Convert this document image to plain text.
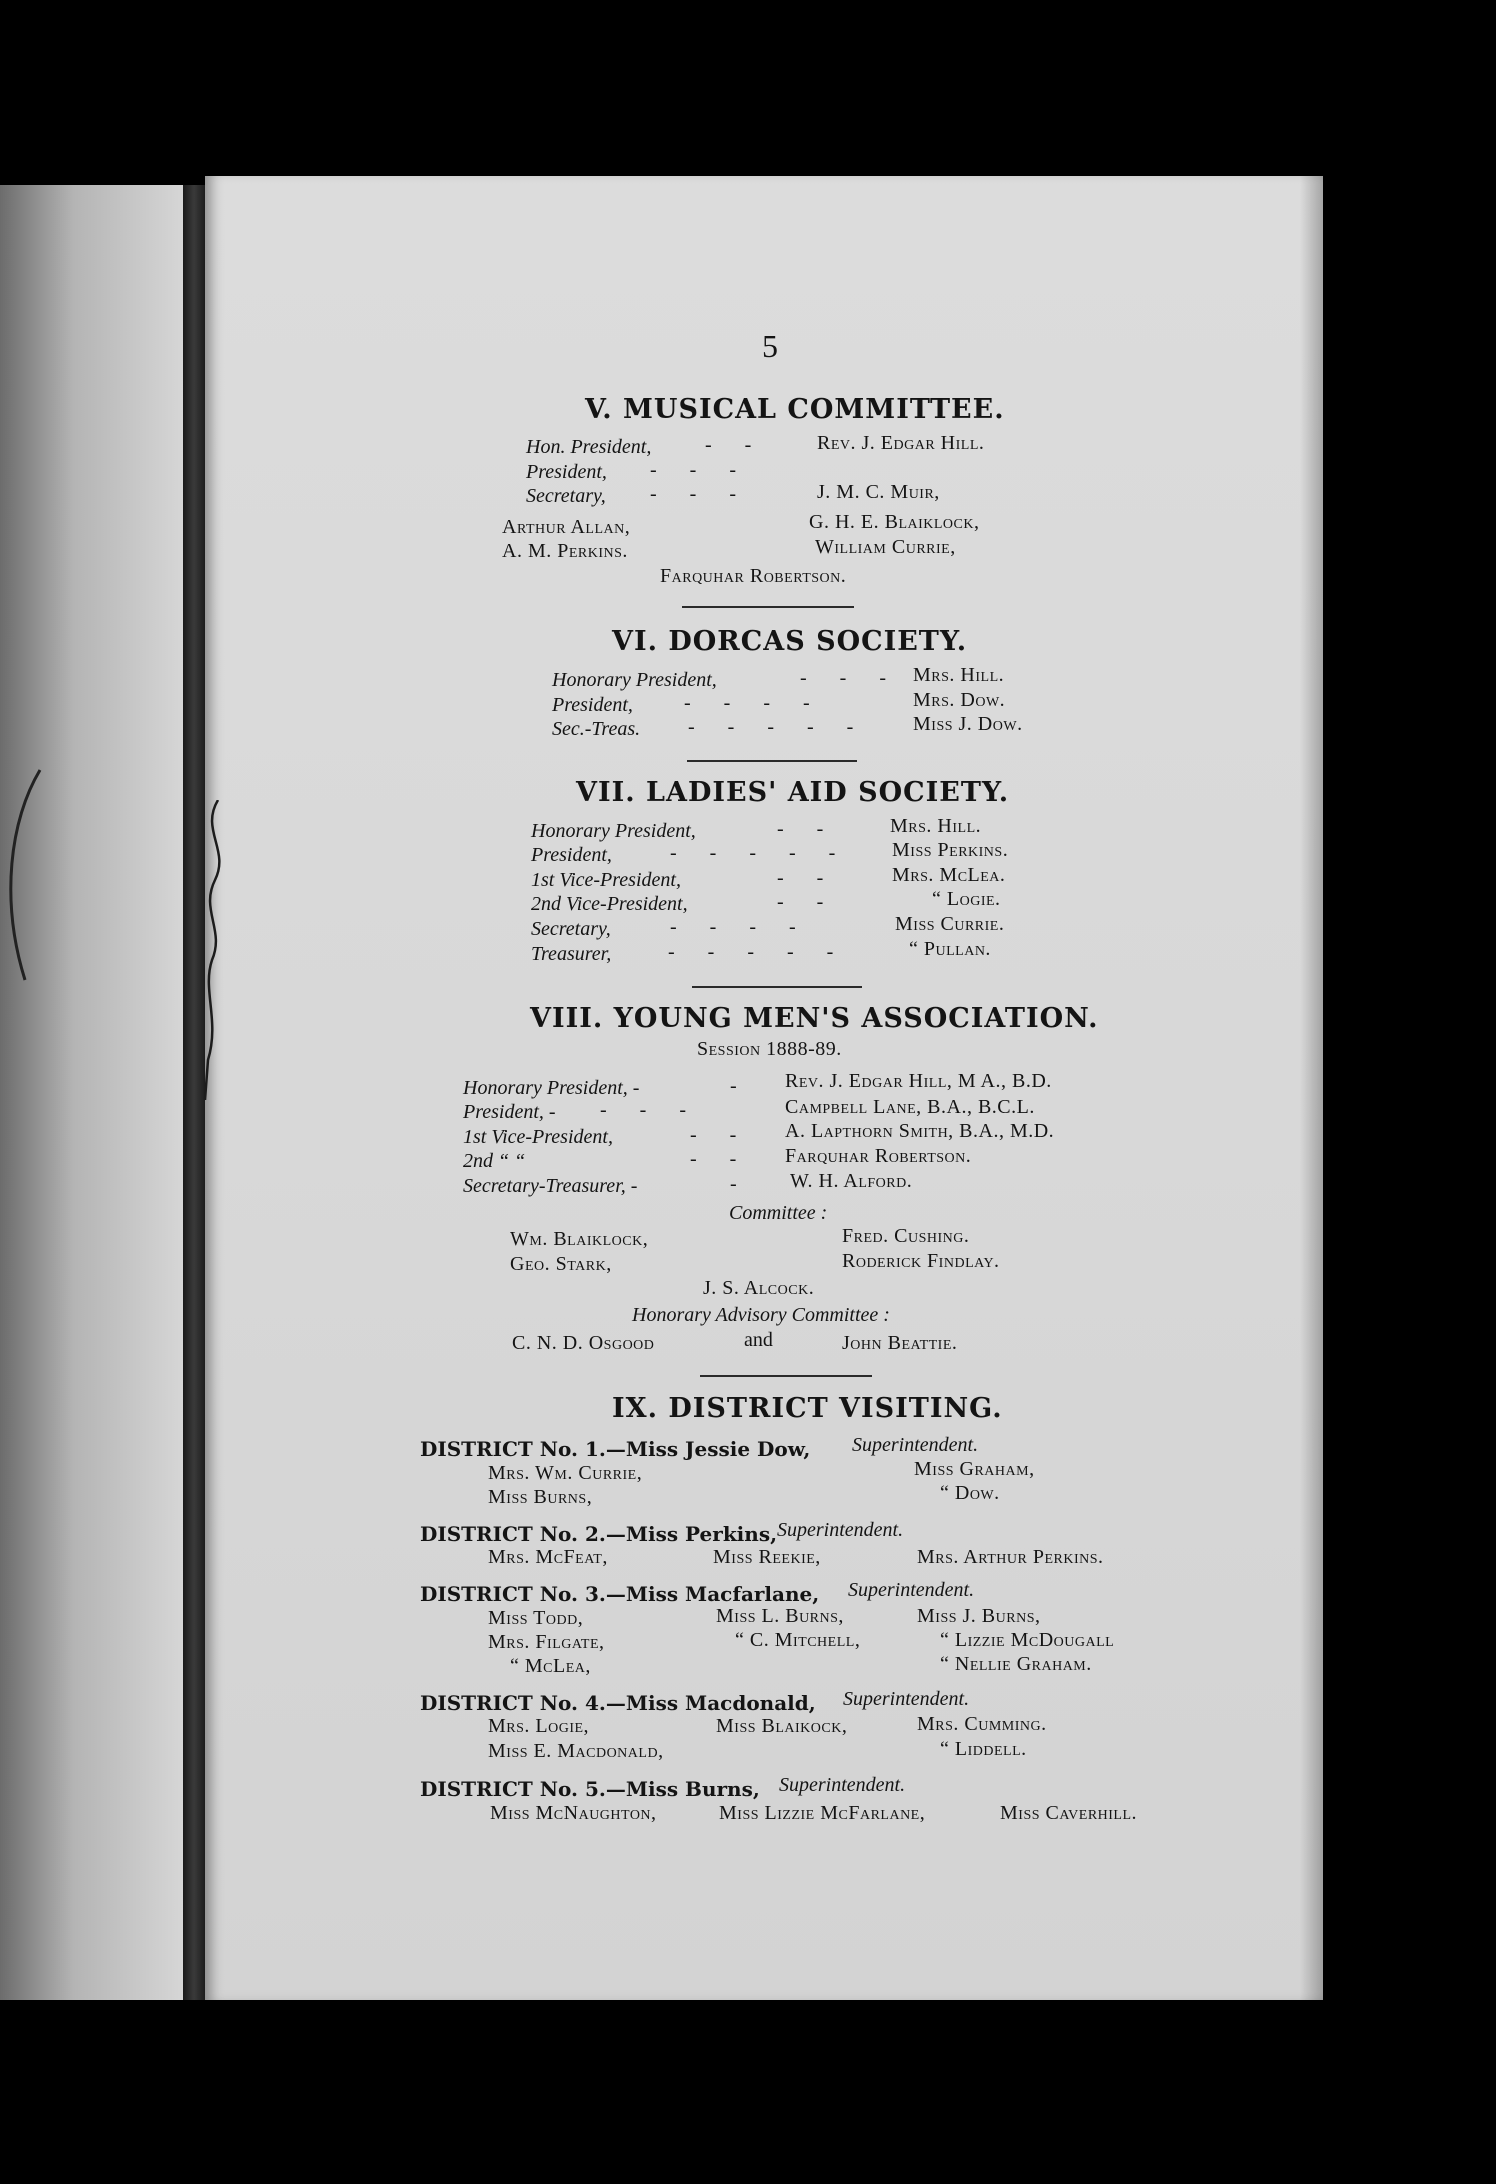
5
V. MUSICAL COMMITTEE.
Hon. President,	- -	Rev. J. Edgar Hill.
President, - - -
Secretary, - - -	J. M. C. Muir,
Arthur Allan,	G. H. E. Blaiklock,
A. M. Perkins.	William Currie,
Farquhar Robertson.
VI. DORCAS SOCIETY.
Honorary President,	- - - Mrs. Hill.
President,	- - - -	Mrs. Dow.
Sec.-Treas. - - - - - Miss J. Dow.
VII. LADIES' AID SOCIETY.
Honorary President,	- -	Mrs. Hill.
President,	- - - - - Miss Perkins.
1st Vice-President,	- -	Mrs. McLea.
2nd Vice-President,	- -	“ Logie.
Secretary,	- - - -	Miss Currie.
Treasurer,	- - - - -	“ Pullan.
VIII. YOUNG MEN'S ASSOCIATION.
Session 1888-89.
Honorary President, -	- Rev. J. Edgar Hill, M A., B.D.
President, - - - -	Campbell Lane, B.A., B.C.L.
1st Vice-President,	- - A. Lapthorn Smith, B.A., M.D.
2nd “ “	- - Farquhar Robertson.
Secretary-Treasurer, -	-	W. H. Alford.
Committee :
Wm. Blaiklock,	Fred. Cushing.
Geo. Stark,	Roderick Findlay.
J. S. Alcock.
Honorary Advisory Committee :
C. N. D. Osgood	and	John Beattie.
IX. DISTRICT VISITING.
DISTRICT No. 1.—Miss Jessie Dow, Superintendent.
Mrs. Wm. Currie,	Miss Graham,
Miss Burns,	“ Dow.
DISTRICT No. 2.—Miss Perkins, Superintendent.
Mrs. McFeat,	Miss Reekie,	Mrs. Arthur Perkins.
DISTRICT No. 3.—Miss Macfarlane, Superintendent.
Miss Todd,	Miss L. Burns,	Miss J. Burns,
Mrs. Filgate,	“ C. Mitchell,	“ Lizzie McDougall
“ McLea,	“ Nellie Graham.
DISTRICT No. 4.—Miss Macdonald, Superintendent.
Mrs. Logie,	Miss Blaikock,	Mrs. Cumming.
Miss E. Macdonald,	“ Liddell.
DISTRICT No. 5.—Miss Burns, Superintendent.
Miss McNaughton,	Miss Lizzie McFarlane,	Miss Caverhill.
